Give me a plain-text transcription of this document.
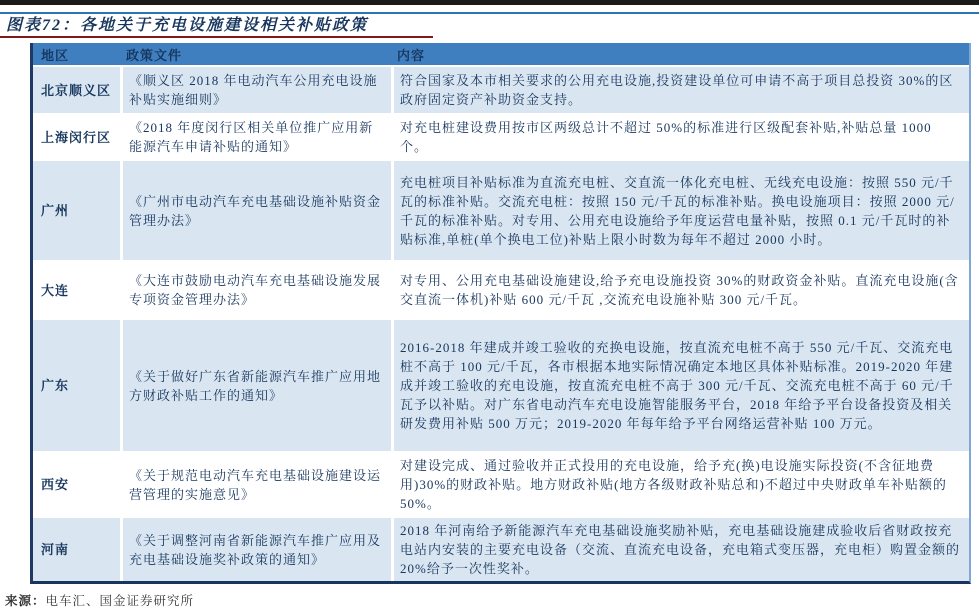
图表72：各地关于充电设施建设相关补贴政策
地区	政策文件	内容
北京顺义区
《顺义区 2018 年电动汽车公用充电设施补贴实施细则》
符合国家及本市相关要求的公用充电设施,投资建设单位可申请不高于项目总投资 30%的区政府固定资产补助资金支持。
上海闵行区
《2018 年度闵行区相关单位推广应用新能源汽车申请补贴的通知》
对充电桩建设费用按市区两级总计不超过 50%的标准进行区级配套补贴,补贴总量 1000 个。
广州
《广州市电动汽车充电基础设施补贴资金管理办法》
充电桩项目补贴标准为直流充电桩、交直流一体化充电桩、无线充电设施：按照 550 元/千瓦的标准补贴。交流充电桩：按照 150 元/千瓦的标准补贴。换电设施项目：按照 2000 元/千瓦的标准补贴。对专用、公用充电设施给予年度运营电量补贴，按照 0.1 元/千瓦时的补贴标准,单桩(单个换电工位)补贴上限小时数为每年不超过 2000 小时。
大连
《大连市鼓励电动汽车充电基础设施发展专项资金管理办法》
对专用、公用充电基础设施建设,给予充电设施投资 30%的财政资金补贴。直流充电设施(含交直流一体机)补贴 600 元/千瓦 ,交流充电设施补贴 300 元/千瓦。
广东
《关于做好广东省新能源汽车推广应用地方财政补贴工作的通知》
2016-2018 年建成并竣工验收的充换电设施，按直流充电桩不高于 550 元/千瓦、交流充电桩不高于 100 元/千瓦，各市根据本地实际情况确定本地区具体补贴标准。2019-2020 年建成并竣工验收的充电设施，按直流充电桩不高于 300 元/千瓦、交流充电桩不高于 60 元/千瓦予以补贴。对广东省电动汽车充电设施智能服务平台，2018 年给予平台设备投资及相关研发费用补贴 500 万元；2019-2020 年每年给予平台网络运营补贴 100 万元。
西安
《关于规范电动汽车充电基础设施建设运营管理的实施意见》
对建设完成、通过验收并正式投用的充电设施，给予充(换)电设施实际投资(不含征地费用)30%的财政补贴。地方财政补贴(地方各级财政补贴总和)不超过中央财政单车补贴额的 50%。
河南
《关于调整河南省新能源汽车推广应用及充电基础设施奖补政策的通知》
2018 年河南给予新能源汽车充电基础设施奖励补贴，充电基础设施建成验收后省财政按充电站内安装的主要充电设备（交流、直流充电设备，充电箱式变压器，充电柜）购置金额的 20%给予一次性奖补。
来源：电车汇、国金证券研究所
